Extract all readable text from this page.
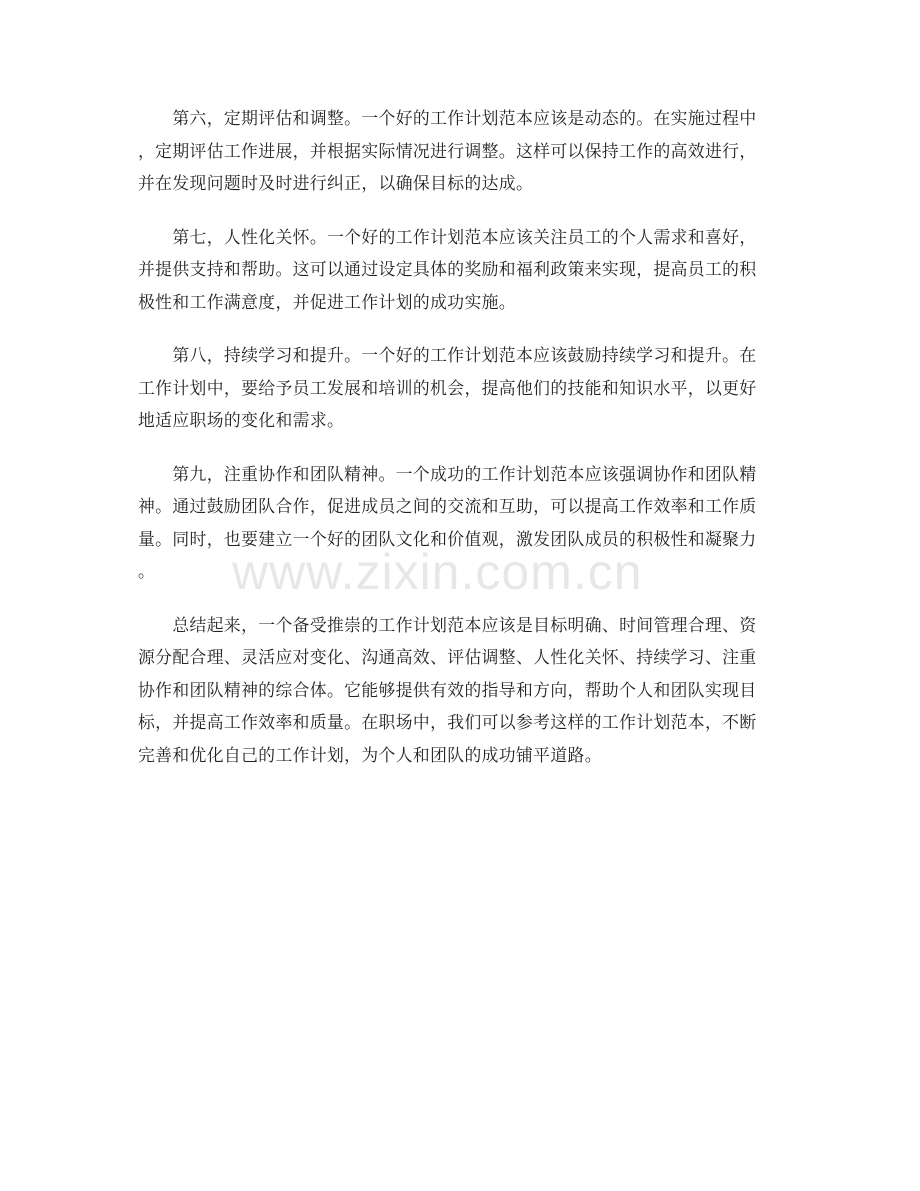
　　第六，定期评估和调整。一个好的工作计划范本应该是动态的。在实施过程中
，定期评估工作进展，并根据实际情况进行调整。这样可以保持工作的高效进行，
并在发现问题时及时进行纠正，以确保目标的达成。

　　第七，人性化关怀。一个好的工作计划范本应该关注员工的个人需求和喜好，
并提供支持和帮助。这可以通过设定具体的奖励和福利政策来实现，提高员工的积
极性和工作满意度，并促进工作计划的成功实施。

　　第八，持续学习和提升。一个好的工作计划范本应该鼓励持续学习和提升。在
工作计划中，要给予员工发展和培训的机会，提高他们的技能和知识水平，以更好
地适应职场的变化和需求。

　　第九，注重协作和团队精神。一个成功的工作计划范本应该强调协作和团队精
神。通过鼓励团队合作，促进成员之间的交流和互助，可以提高工作效率和工作质
量。同时，也要建立一个好的团队文化和价值观，激发团队成员的积极性和凝聚力
。

　　总结起来，一个备受推崇的工作计划范本应该是目标明确、时间管理合理、资
源分配合理、灵活应对变化、沟通高效、评估调整、人性化关怀、持续学习、注重
协作和团队精神的综合体。它能够提供有效的指导和方向，帮助个人和团队实现目
标，并提高工作效率和质量。在职场中，我们可以参考这样的工作计划范本，不断
完善和优化自己的工作计划，为个人和团队的成功铺平道路。

www.zixin.com.cn
